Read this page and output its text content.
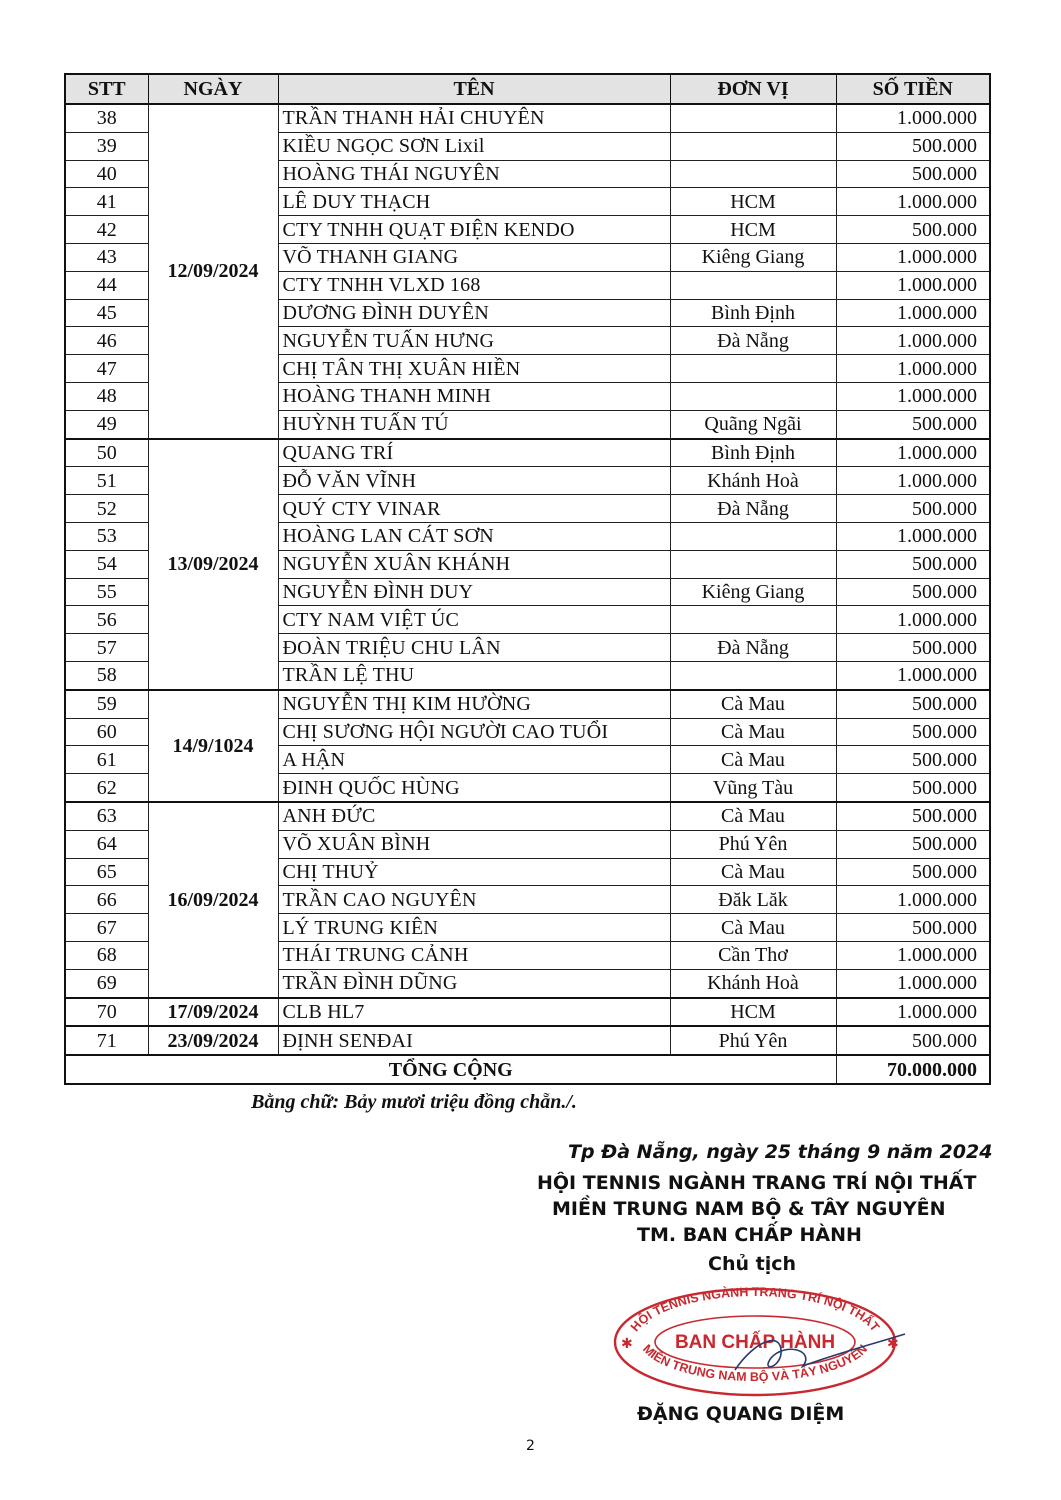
STT	NGÀY	TÊN	ĐƠN VỊ	SỐ TIỀN
38	12/09/2024	TRẦN THANH HẢI CHUYÊN		1.000.000
39		KIỀU NGỌC SƠN Lixil		500.000
40		HOÀNG THÁI NGUYÊN		500.000
41		LÊ DUY THẠCH	HCM	1.000.000
42		CTY TNHH QUẠT ĐIỆN KENDO	HCM	500.000
43		VÕ THANH GIANG	Kiêng Giang	1.000.000
44		CTY TNHH VLXD 168		1.000.000
45		DƯƠNG ĐÌNH DUYÊN	Bình Định	1.000.000
46		NGUYỄN TUẤN HƯNG	Đà Nẵng	1.000.000
47		CHỊ TÂN THỊ XUÂN HIỀN		1.000.000
48		HOÀNG THANH MINH		1.000.000
49		HUỲNH TUẤN TÚ	Quãng Ngãi	500.000
50	13/09/2024	QUANG TRÍ	Bình Định	1.000.000
51		ĐỖ VĂN VĨNH	Khánh Hoà	1.000.000
52		QUÝ CTY VINAR	Đà Nẵng	500.000
53		HOÀNG LAN CÁT SƠN		1.000.000
54		NGUYỄN XUÂN KHÁNH		500.000
55		NGUYỄN ĐÌNH DUY	Kiêng Giang	500.000
56		CTY NAM VIỆT ÚC		1.000.000
57		ĐOÀN TRIỆU CHU LÂN	Đà Nẵng	500.000
58		TRẦN LỆ THU		1.000.000
59	14/9/1024	NGUYỄN THỊ KIM HƯỜNG	Cà Mau	500.000
60		CHỊ SƯƠNG HỘI NGƯỜI CAO TUỔI	Cà Mau	500.000
61		A HẬN	Cà Mau	500.000
62		ĐINH QUỐC HÙNG	Vũng Tàu	500.000
63	16/09/2024	ANH ĐỨC	Cà Mau	500.000
64		VÕ XUÂN BÌNH	Phú Yên	500.000
65		CHỊ THUỶ	Cà Mau	500.000
66		TRẦN CAO NGUYÊN	Đăk Lăk	1.000.000
67		LÝ TRUNG KIÊN	Cà Mau	500.000
68		THÁI TRUNG CẢNH	Cần Thơ	1.000.000
69		TRẦN ĐÌNH DŨNG	Khánh Hoà	1.000.000
70	17/09/2024	CLB HL7	HCM	1.000.000
71	23/09/2024	ĐỊNH SENĐAI	Phú Yên	500.000
TỔNG CỘNG				70.000.000
Bằng chữ: Bảy mươi triệu đồng chẵn./.
Tp Đà Nẵng, ngày 25 tháng 9 năm 2024
HỘI TENNIS NGÀNH TRANG TRÍ NỘI THẤT
MIỀN TRUNG NAM BỘ & TÂY NGUYÊN
TM. BAN CHẤP HÀNH
Chủ tịch
HỘI TENNIS NGÀNH TRANG TRÍ NỘI THẤT
MIỀN TRUNG NAM BỘ VÀ TÂY NGUYÊN
BAN CHẤP HÀNH
✱	✱
ĐẶNG QUANG DIỆM
2
